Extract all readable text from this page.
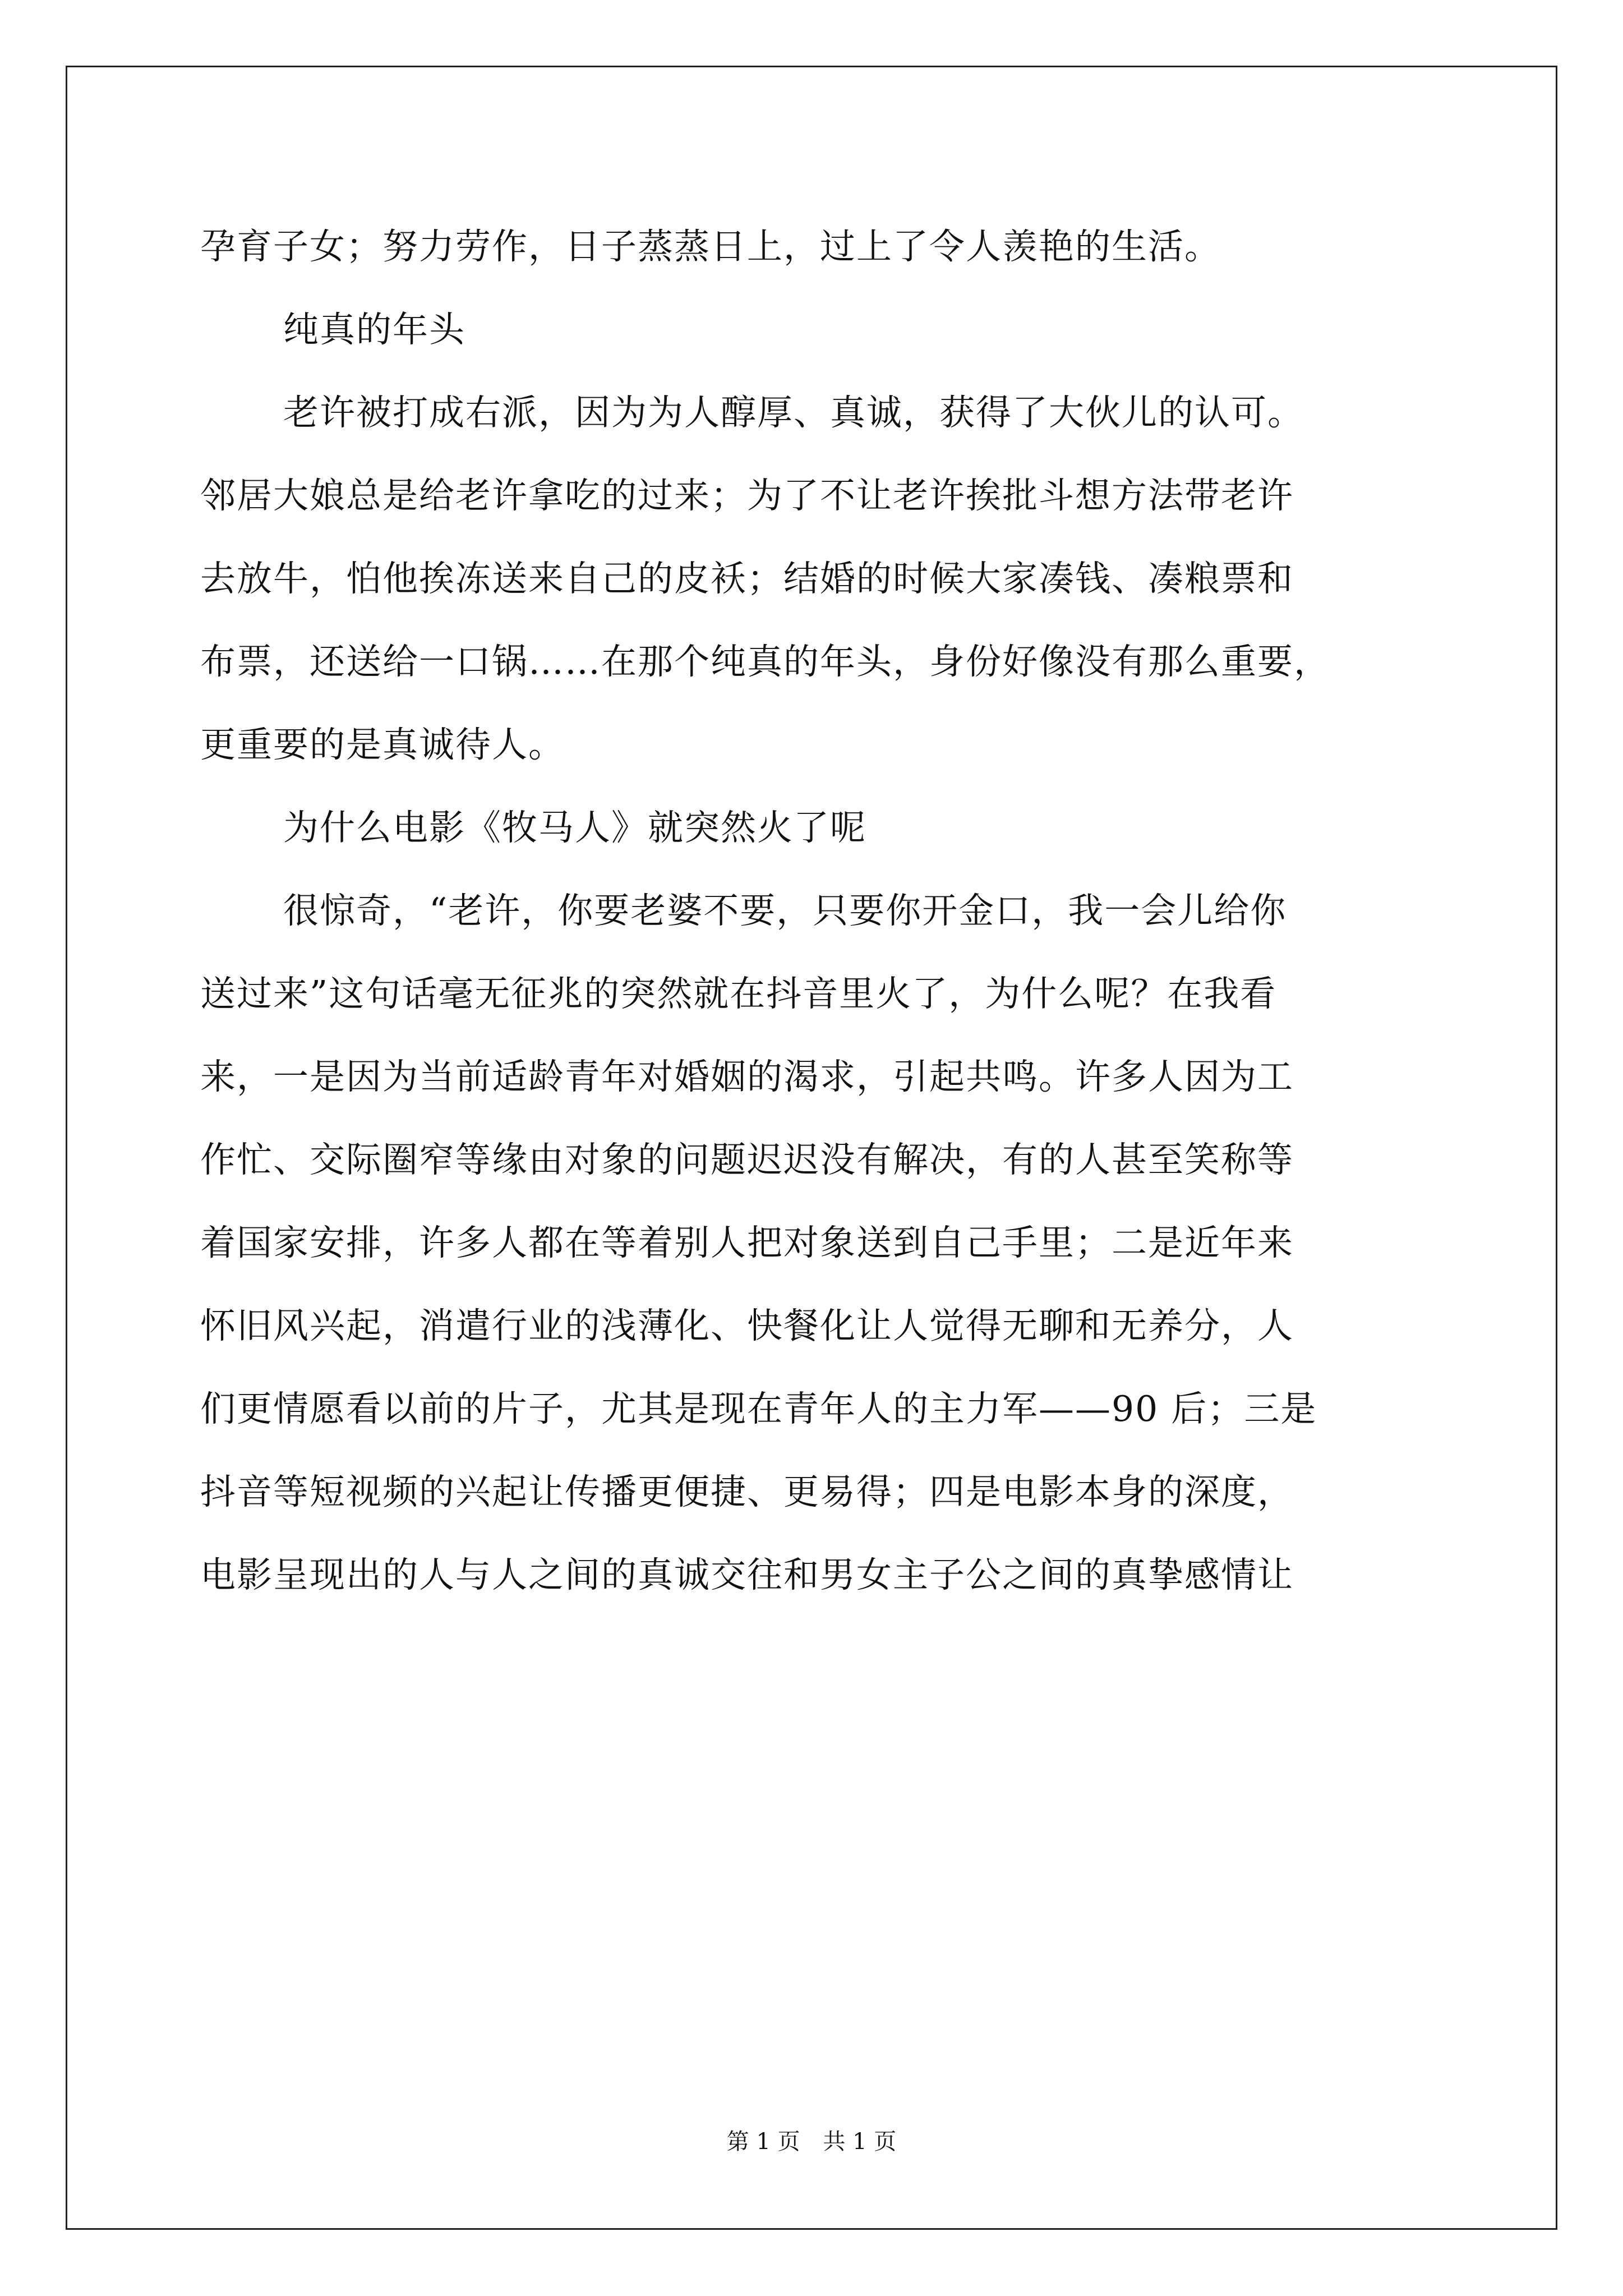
孕育子女；努力劳作，日子蒸蒸日上，过上了令人羡艳的生活。
纯真的年头
老许被打成右派，因为为人醇厚、真诚，获得了大伙儿的认可。
邻居大娘总是给老许拿吃的过来；为了不让老许挨批斗想方法带老许
去放牛，怕他挨冻送来自己的皮袄；结婚的时候大家凑钱、凑粮票和
布票，还送给一口锅……在那个纯真的年头，身份好像没有那么重要，
更重要的是真诚待人。
为什么电影《牧马人》就突然火了呢
很惊奇，“老许，你要老婆不要，只要你开金口，我一会儿给你
送过来”这句话毫无征兆的突然就在抖音里火了，为什么呢？在我看
来，一是因为当前适龄青年对婚姻的渴求，引起共鸣。许多人因为工
作忙、交际圈窄等缘由对象的问题迟迟没有解决，有的人甚至笑称等
着国家安排，许多人都在等着别人把对象送到自己手里；二是近年来
怀旧风兴起，消遣行业的浅薄化、快餐化让人觉得无聊和无养分，人
们更情愿看以前的片子，尤其是现在青年人的主力军——90 后；三是
抖音等短视频的兴起让传播更便捷、更易得；四是电影本身的深度，
电影呈现出的人与人之间的真诚交往和男女主子公之间的真挚感情让
第 1 页 共 1 页
